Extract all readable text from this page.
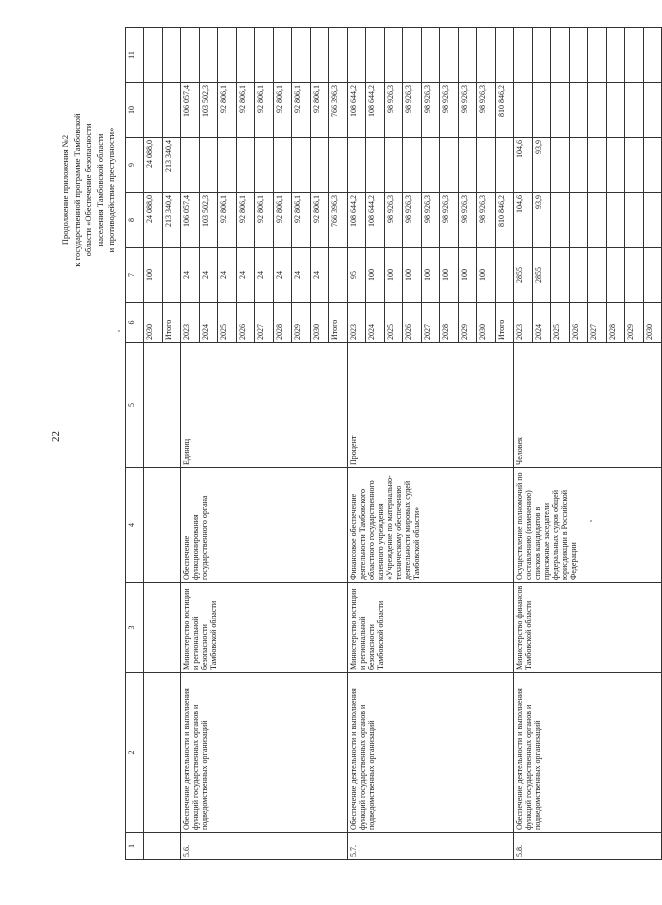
22
Продолжение приложения №2 к государственной программе Тамбовской области «Обеспечение безопасности населения Тамбовской области и противодействие преступности»
1	2	3	4	5	6	7	8	9	10	11	
					2030	100	24 088,0	24 088,0			
					Итого		213 340,4	213 340,4			
5.6.	Обеспечение деятельности и выполнения функций государственных органов и подведомственных организаций	Министерство юстиции и региональной безопасности Тамбовской области	Обеспечение функционирования государственного органа	Единиц	2023	24	106 057,4		106 057,4		
					2024	24	103 502,3		103 502,3		
					2025	24	92 806,1		92 806,1		
					2026	24	92 806,1		92 806,1		
					2027	24	92 806,1		92 806,1		
					2028	24	92 806,1		92 806,1		
					2029	24	92 806,1		92 806,1		
					2030	24	92 806,1		92 806,1		
					Итого		766 396,3		766 396,3		
5.7.	Обеспечение деятельности и выполнения функций государственных органов и подведомственных организаций	Министерство юстиции и региональной безопасности Тамбовской области	Финансовое обеспечение деятельности Тамбовского областного государственного казенного учреждения «Учреждение по материально-техническому обеспечению деятельности мировых судей Тамбовской области»	Процент	2023	95	108 644,2		108 644,2		
					2024	100	108 644,2		108 644,2		
					2025	100	98 926,3		98 926,3		
					2026	100	98 926,3		98 926,3		
					2027	100	98 926,3		98 926,3		
					2028	100	98 926,3		98 926,3		
					2029	100	98 926,3		98 926,3		
					2030	100	98 926,3		98 926,3		
					Итого		810 846,2		810 846,2		
5.8.	Обеспечение деятельности и выполнения функций государственных органов и подведомственных организаций	Министерство финансов Тамбовской области	Осуществление полномочий по составлению (изменению) списков кандидатов в присяжные заседатели федеральных судов общей юрисдикции в Российской Федерации	Человек	2023	2855	104,6	104,6			
					2024	2855	93,9	93,9			
					2025						
					2026						
					2027						
					2028						
					2029						
					2030						
